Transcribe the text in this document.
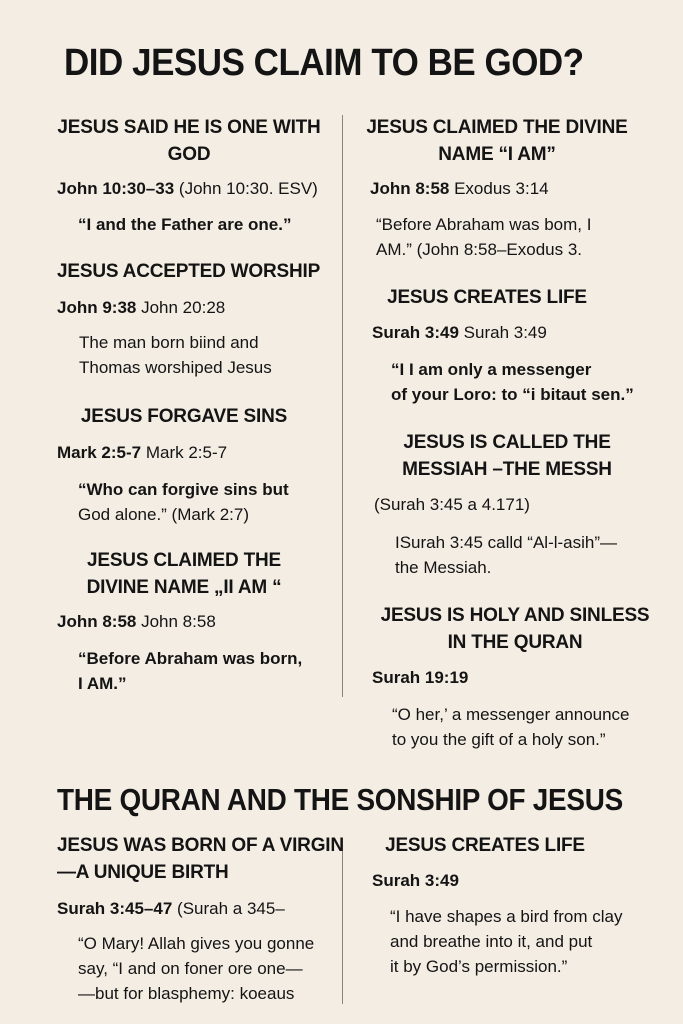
DID JESUS CLAIM TO BE GOD?
JESUS SAID HE IS ONE WITH
GOD
John 10:30–33 (John 10:30. ESV)
“I and the Father are one.”
JESUS ACCEPTED WORSHIP
John 9:38 John 20:28
The man born biind and
Thomas worshiped Jesus
JESUS FORGAVE SINS
Mark 2:5-7 Mark 2:5-7
“Who can forgive sins but
God alone.” (Mark 2:7)
JESUS CLAIMED THE
DIVINE NAME „II AM “
John 8:58 John 8:58
“Before Abraham was born,
I AM.”
JESUS CLAIMED THE DIVINE
NAME “I AM”
John 8:58 Exodus 3:14
“Before Abraham was bom, I
AM.” (John 8:58–Exodus 3.
JESUS CREATES LIFE
Surah 3:49 Surah 3:49
“I I am only a messenger
of your Loro: to “i bitaut sen.”
JESUS IS CALLED THE
MESSIAH –THE MESSH
(Surah 3:45 a 4.171)
ISurah 3:45 calld “Al-l-asih”—
the Messiah.
JESUS IS HOLY AND SINLESS
IN THE QURAN
Surah 19:19
“O her,’ a messenger announce
to you the gift of a holy son.”
THE QURAN AND THE SONSHIP OF JESUS
JESUS WAS BORN OF A VIRGIN
—A UNIQUE BIRTH
Surah 3:45–47 (Surah a 345–
“O Mary! Allah gives you gonne
say, “I and on foner ore one—
—but for blasphemy: koeaus
JESUS CREATES LIFE
Surah 3:49
“I have shapes a bird from clay
and breathe into it, and put
it by God’s permission.”
